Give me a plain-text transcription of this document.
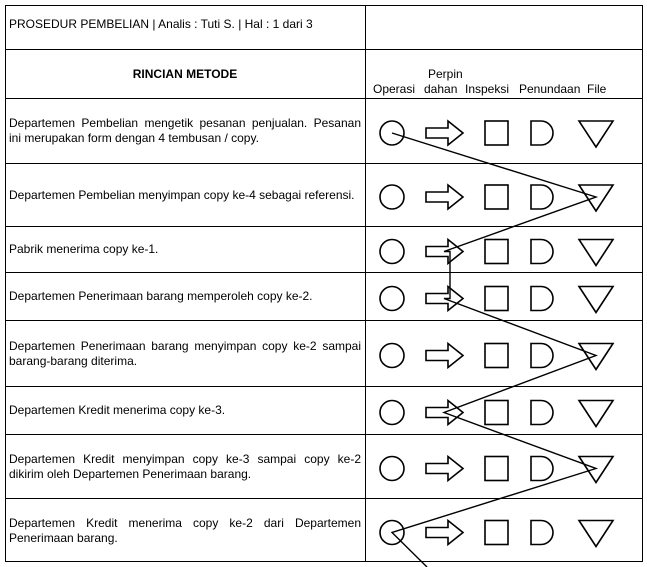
PROSEDUR PEMBELIAN | Analis : Tuti S. | Hal : 1 dari 3
RINCIAN METODE	Perpin
Operasi dahan Inspeksi Penundaan File
Departemen Pembelian mengetik pesanan penjualan. Pesanan ini merupakan form dengan 4 tembusan / copy.
Departemen Pembelian menyimpan copy ke-4 sebagai referensi.
Pabrik menerima copy ke-1.
Departemen Penerimaan barang memperoleh copy ke-2.
Departemen Penerimaan barang menyimpan copy ke-2 sampai barang-barang diterima.
Departemen Kredit menerima copy ke-3.
Departemen Kredit menyimpan copy ke-3 sampai copy ke-2 dikirim oleh Departemen Penerimaan barang.
Departemen Kredit menerima copy ke-2 dari Departemen Penerimaan barang.
